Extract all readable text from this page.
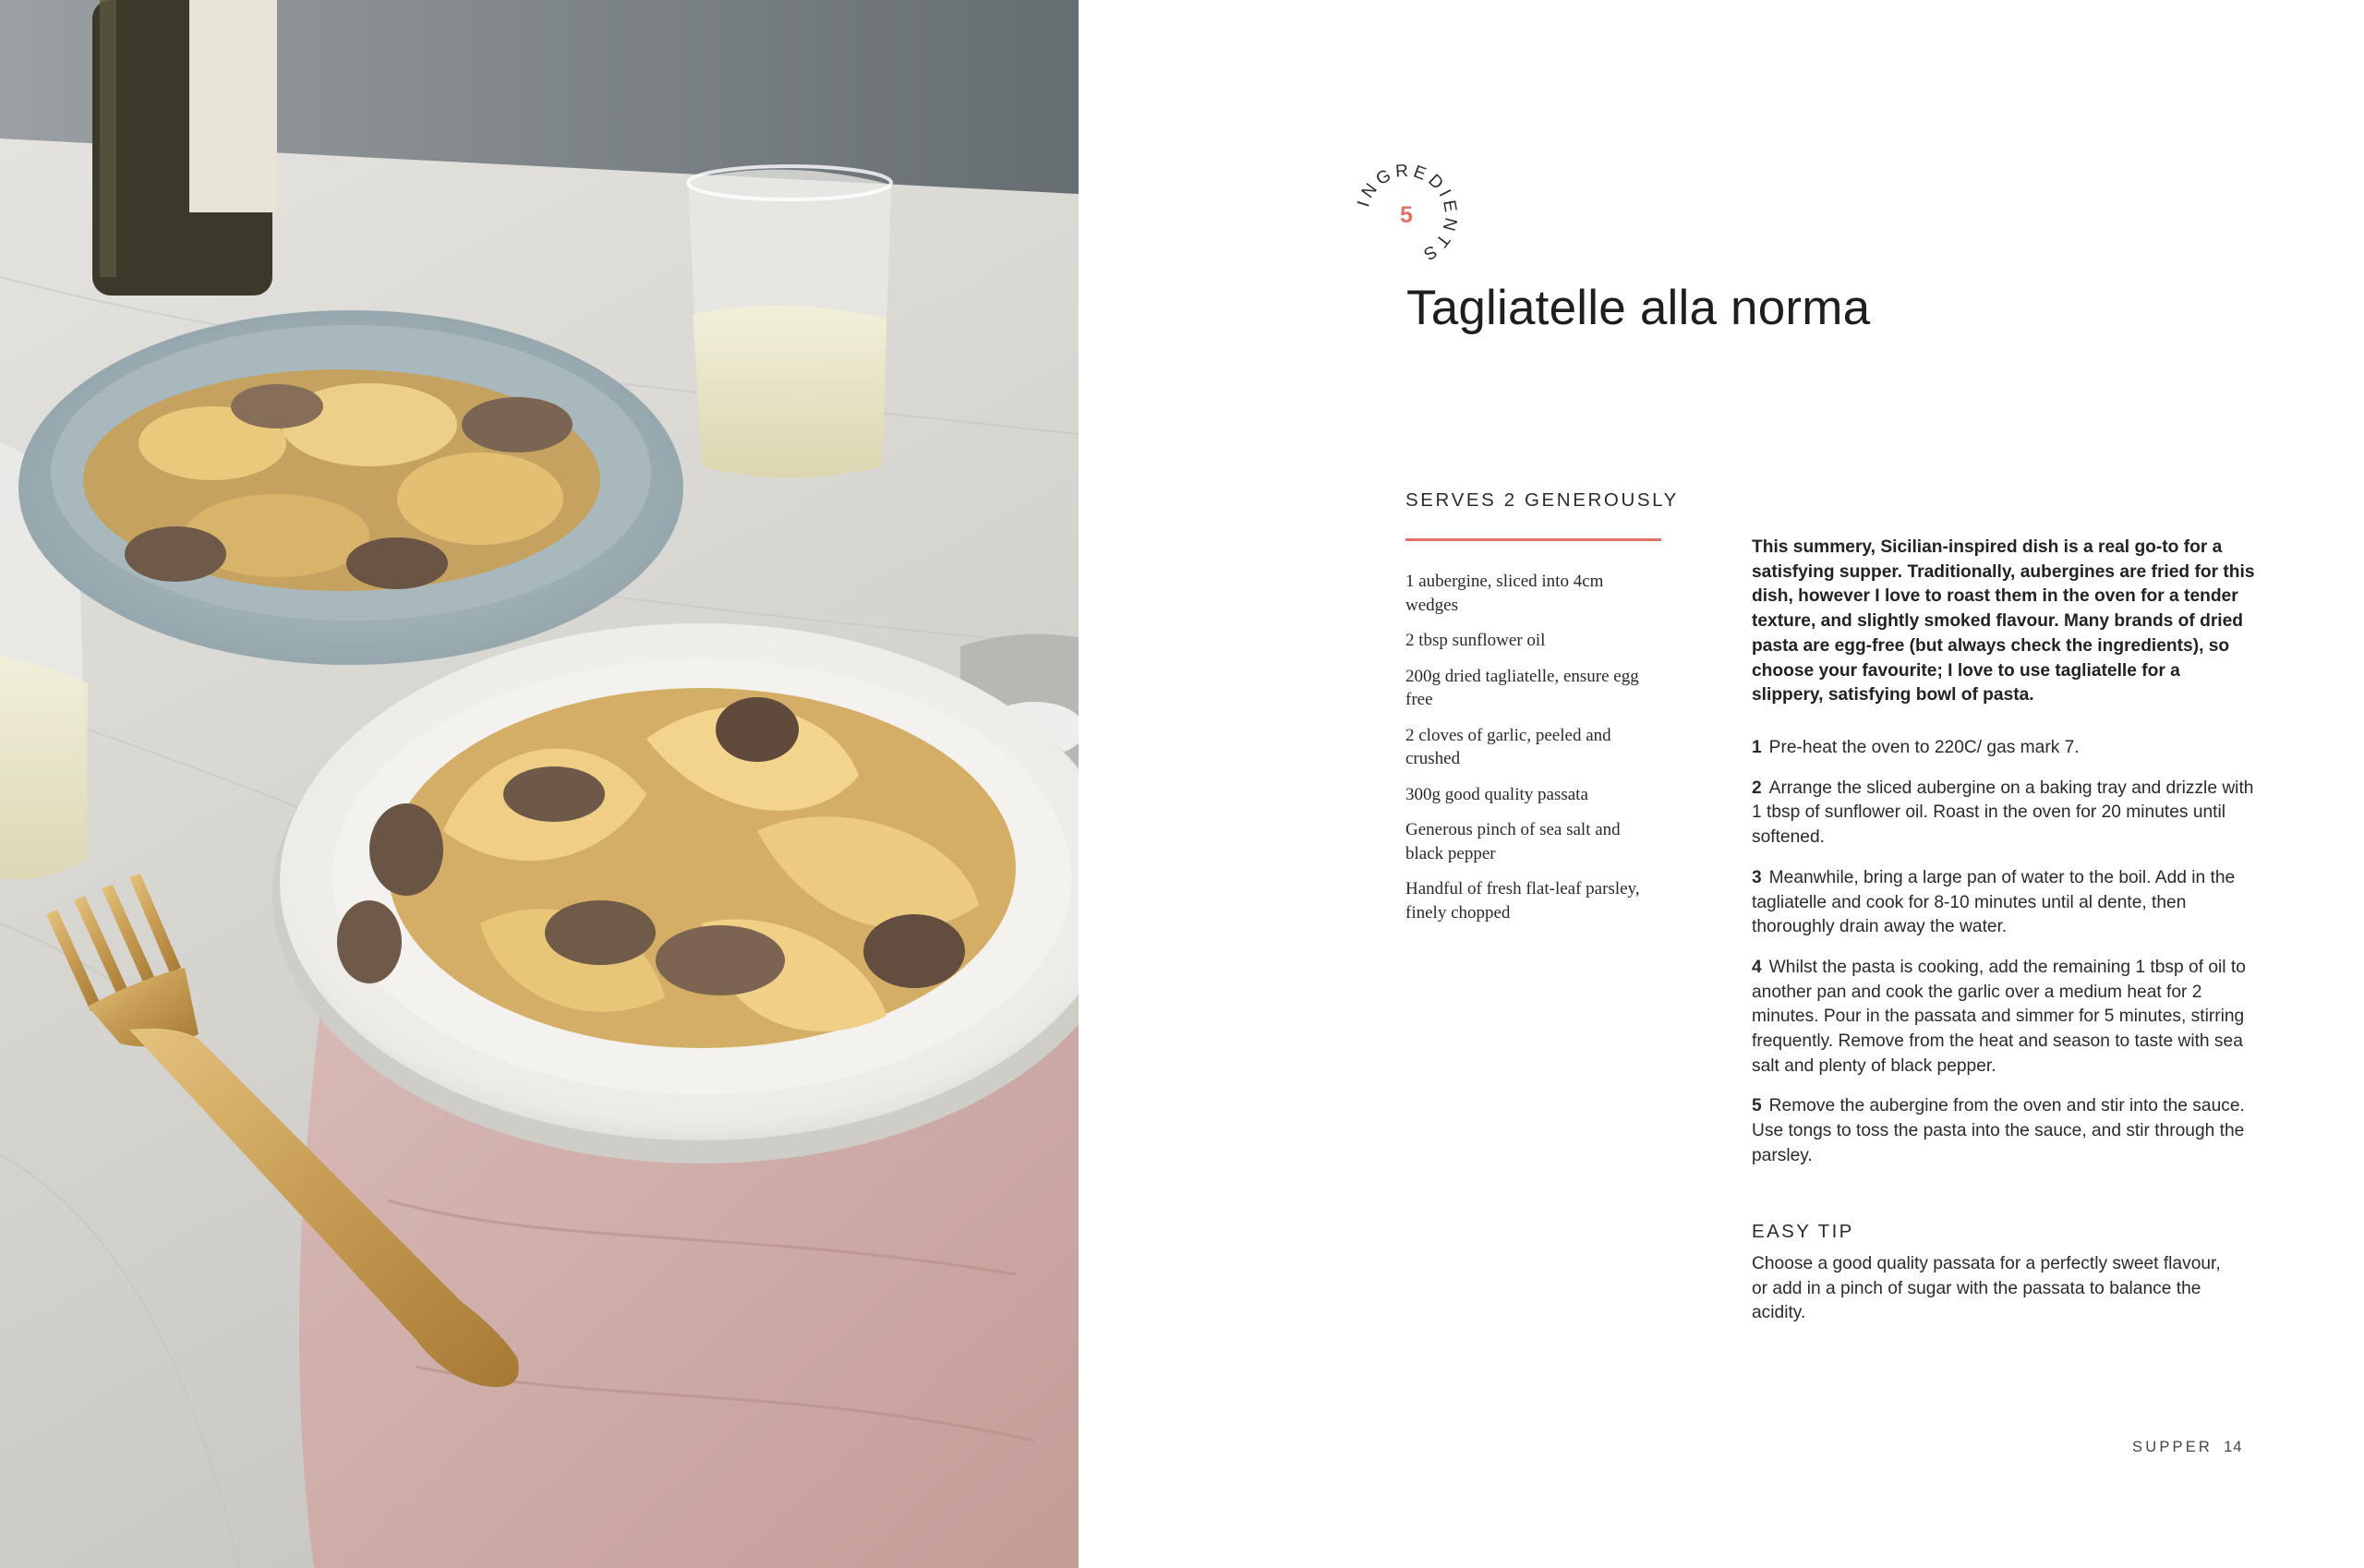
INGREDIENTS
5
Tagliatelle alla norma
SERVES 2 GENEROUSLY
1 aubergine, sliced into 4cm wedges
2 tbsp sunflower oil
200g dried tagliatelle, ensure egg free
2 cloves of garlic, peeled and crushed
300g good quality passata
Generous pinch of sea salt and black pepper
Handful of fresh flat-leaf parsley, finely chopped

This summery, Sicilian-inspired dish is a real go-to for a satisfying supper. Traditionally, aubergines are fried for this dish, however I love to roast them in the oven for a tender texture, and slightly smoked flavour. Many brands of dried pasta are egg-free (but always check the ingredients), so choose your favourite; I love to use tagliatelle for a slippery, satisfying bowl of pasta.

1 Pre-heat the oven to 220C/ gas mark 7.
2 Arrange the sliced aubergine on a baking tray and drizzle with 1 tbsp of sunflower oil. Roast in the oven for 20 minutes until softened.
3 Meanwhile, bring a large pan of water to the boil. Add in the tagliatelle and cook for 8-10 minutes until al dente, then thoroughly drain away the water.
4 Whilst the pasta is cooking, add the remaining 1 tbsp of oil to another pan and cook the garlic over a medium heat for 2 minutes. Pour in the passata and simmer for 5 minutes, stirring frequently. Remove from the heat and season to taste with sea salt and plenty of black pepper.
5 Remove the aubergine from the oven and stir into the sauce. Use tongs to toss the pasta into the sauce, and stir through the parsley.
EASY TIP

Choose a good quality passata for a perfectly sweet flavour, or add in a pinch of sugar with the passata to balance the acidity.

SUPPER 14
